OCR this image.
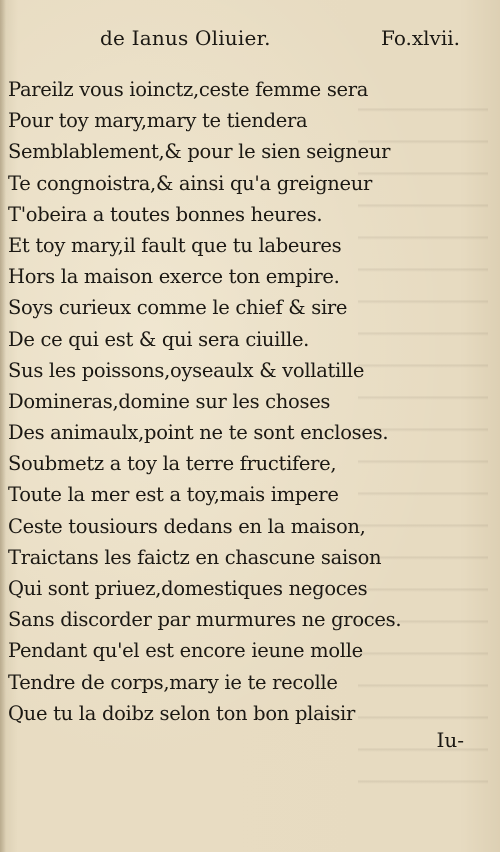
de Ianus Oliuier.	Fo.xlvii.
Pareilz vous ioinctz,ceste femme sera
Pour toy mary,mary te tiendera
Semblablement,& pour le sien seigneur
Te congnoistra,& ainsi qu'a greigneur
T'obeira a toutes bonnes heures.
Et toy mary,il fault que tu labeures
Hors la maison exerce ton empire.
Soys curieux comme le chief & sire
De ce qui est & qui sera ciuille.
Sus les poissons,oyseaulx & vollatille
Domineras,domine sur les choses
Des animaulx,point ne te sont encloses.
Soubmetz a toy la terre fructifere,
Toute la mer est a toy,mais impere
Ceste tousiours dedans en la maison,
Traictans les faictz en chascune saison
Qui sont priuez,domestiques negoces
Sans discorder par murmures ne groces.
Pendant qu'el est encore ieune molle
Tendre de corps,mary ie te recolle
Que tu la doibz selon ton bon plaisir
Iu-
